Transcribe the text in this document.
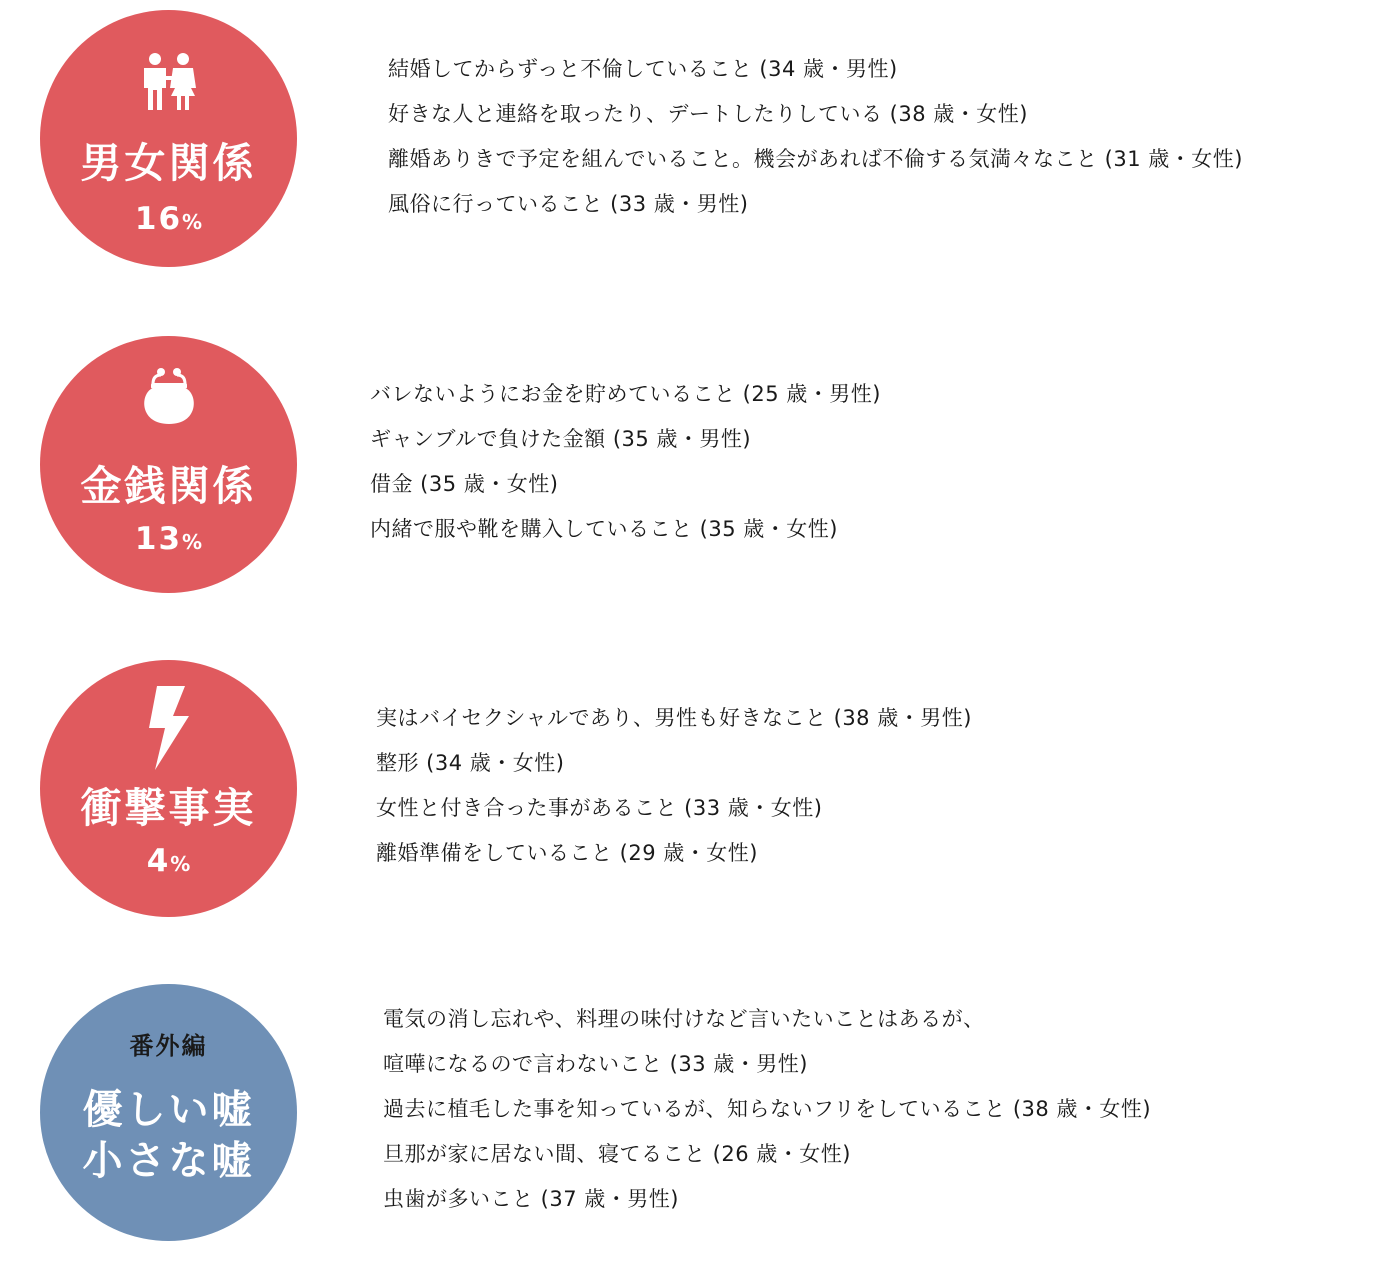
男女関係
16%
結婚してからずっと不倫していること (34 歳・男性)
好きな人と連絡を取ったり、デートしたりしている (38 歳・女性)
離婚ありきで予定を組んでいること。機会があれば不倫する気満々なこと (31 歳・女性)
風俗に行っていること (33 歳・男性)
金銭関係
13%
バレないようにお金を貯めていること (25 歳・男性)
ギャンブルで負けた金額 (35 歳・男性)
借金 (35 歳・女性)
内緒で服や靴を購入していること (35 歳・女性)
衝撃事実
4%
実はバイセクシャルであり、男性も好きなこと (38 歳・男性)
整形 (34 歳・女性)
女性と付き合った事があること (33 歳・女性)
離婚準備をしていること (29 歳・女性)
番外編
優しい嘘
小さな嘘
電気の消し忘れや、料理の味付けなど言いたいことはあるが、
喧嘩になるので言わないこと (33 歳・男性)
過去に植毛した事を知っているが、知らないフリをしていること (38 歳・女性)
旦那が家に居ない間、寝てること (26 歳・女性)
虫歯が多いこと (37 歳・男性)
